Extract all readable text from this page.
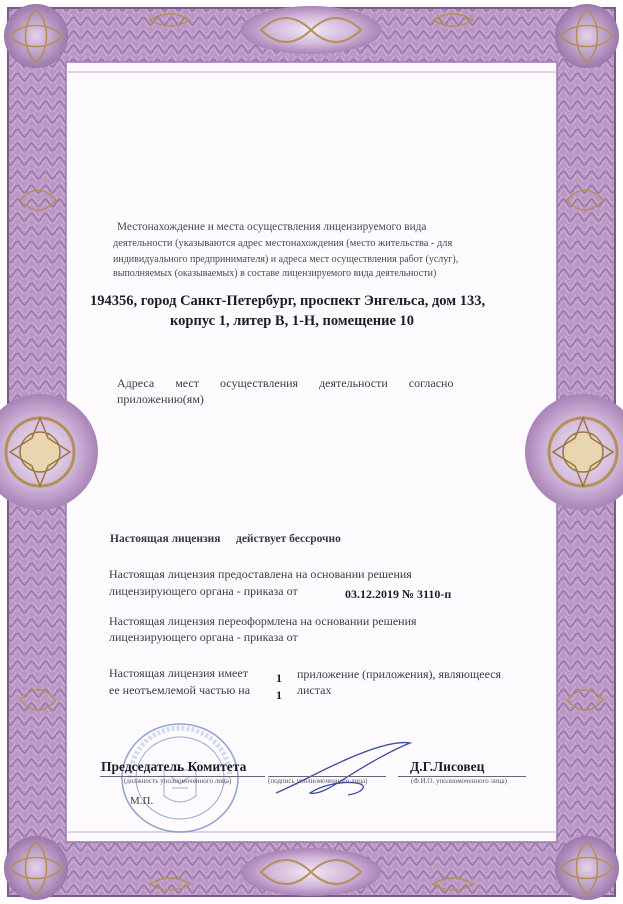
Местонахождение и места осуществления лицензируемого вида
деятельности (указываются адрес местонахождения (место жительства - для
индивидуального предпринимателя) и адреса мест осуществления работ (услуг),
выполняемых (оказываемых) в составе лицензируемого вида деятельности)
194356, город Санкт-Петербург, проспект Энгельса, дом 133,
корпус 1, литер В, 1-Н, помещение 10
Адреса мест осуществления деятельности согласно
приложению(ям)
Настоящая лицензия действует бессрочно
Настоящая лицензия предоставлена на основании решения
лицензирующего органа - приказа от	03.12.2019 № 3110-п
Настоящая лицензия переоформлена на основании решения
лицензирующего органа - приказа от
Настоящая лицензия имеет 1 приложение (приложения), являющееся
ее неотъемлемой частью на 1 листах
Председатель Комитета
(должность уполномоченного лица)	(подпись уполномоченного лица)
Д.Г.Лисовец
(Ф.И.О. уполномоченного лица)
М.П.
